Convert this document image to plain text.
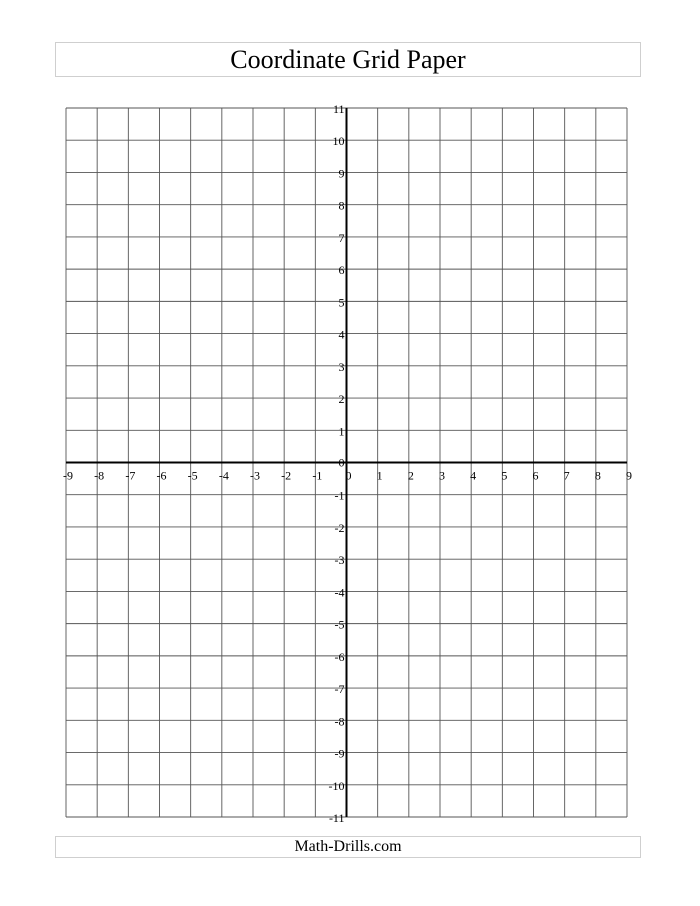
Coordinate Grid Paper
-9 -8 -7 -6 -5 -4 -3 -2 -1 0 1 2 3 4 5 6 7 8 9
11
10
9
8
7
6
5
4
3
2
1
0
-1
-2
-3
-4
-5
-6
-7
-8
-9
-10
-11
Math-Drills.com
